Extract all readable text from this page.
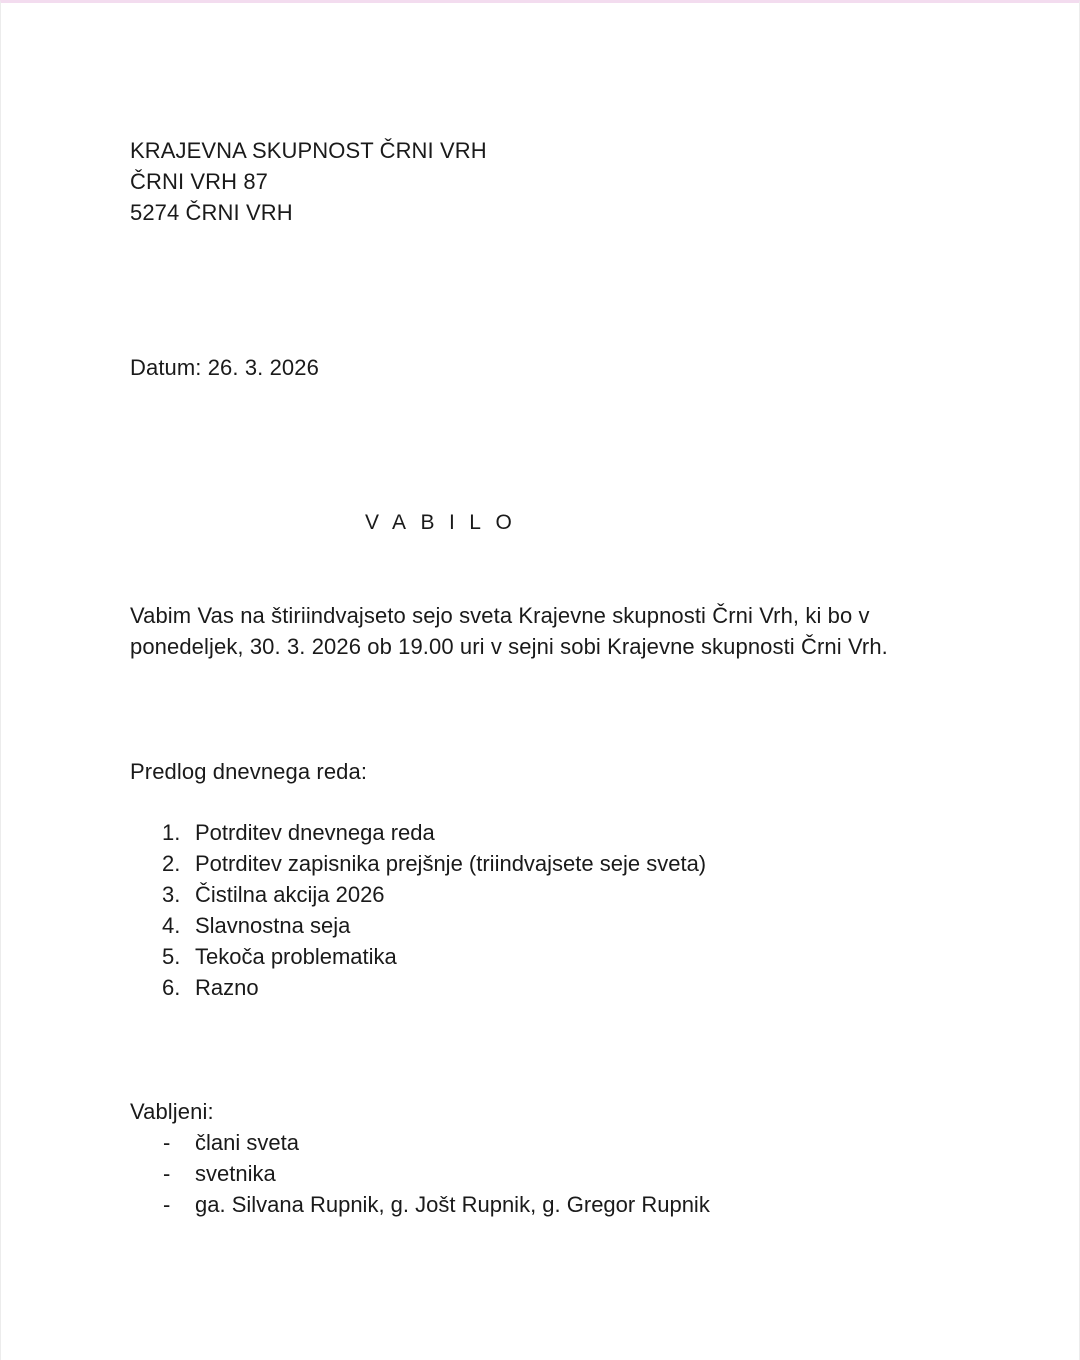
KRAJEVNA SKUPNOST ČRNI VRH
ČRNI VRH 87
5274 ČRNI VRH
Datum: 26. 3. 2026
VABILO
Vabim Vas na štiriindvajseto sejo sveta Krajevne skupnosti Črni Vrh, ki bo v
ponedeljek, 30. 3. 2026 ob 19.00 uri v sejni sobi Krajevne skupnosti Črni Vrh.
Predlog dnevnega reda:
1. Potrditev dnevnega reda
2. Potrditev zapisnika prejšnje (triindvajsete seje sveta)
3. Čistilna akcija 2026
4. Slavnostna seja
5. Tekoča problematika
6. Razno
Vabljeni:
- člani sveta
- svetnika
- ga. Silvana Rupnik, g. Jošt Rupnik, g. Gregor Rupnik
